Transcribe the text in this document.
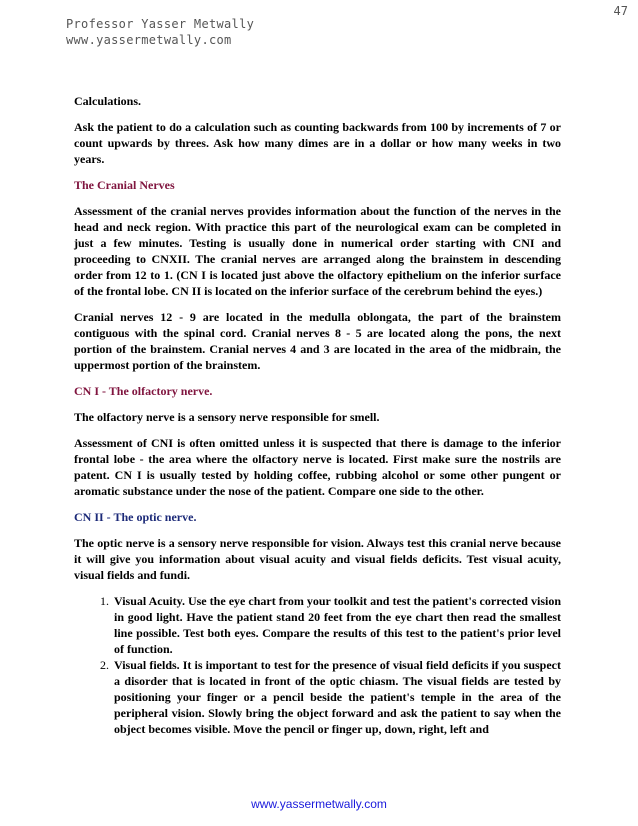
47
Professor Yasser Metwally
www.yassermetwally.com

Calculations.

Ask the patient to do a calculation such as counting backwards from 100 by increments of 7 or count upwards by threes. Ask how many dimes are in a dollar or how many weeks in two years.

The Cranial Nerves

Assessment of the cranial nerves provides information about the function of the nerves in the head and neck region. With practice this part of the neurological exam can be completed in just a few minutes. Testing is usually done in numerical order starting with CNI and proceeding to CNXII. The cranial nerves are arranged along the brainstem in descending order from 12 to 1. (CN I is located just above the olfactory epithelium on the inferior surface of the frontal lobe. CN II is located on the inferior surface of the cerebrum behind the eyes.)

Cranial nerves 12 - 9 are located in the medulla oblongata, the part of the brainstem contiguous with the spinal cord. Cranial nerves 8 - 5 are located along the pons, the next portion of the brainstem. Cranial nerves 4 and 3 are located in the area of the midbrain, the uppermost portion of the brainstem.

CN I - The olfactory nerve.

The olfactory nerve is a sensory nerve responsible for smell.

Assessment of CNI is often omitted unless it is suspected that there is damage to the inferior frontal lobe - the area where the olfactory nerve is located. First make sure the nostrils are patent. CN I is usually tested by holding coffee, rubbing alcohol or some other pungent or aromatic substance under the nose of the patient. Compare one side to the other.

CN II - The optic nerve.

The optic nerve is a sensory nerve responsible for vision. Always test this cranial nerve because it will give you information about visual acuity and visual fields deficits. Test visual acuity, visual fields and fundi.

1. Visual Acuity. Use the eye chart from your toolkit and test the patient's corrected vision in good light. Have the patient stand 20 feet from the eye chart then read the smallest line possible. Test both eyes. Compare the results of this test to the patient's prior level of function.
2. Visual fields. It is important to test for the presence of visual field deficits if you suspect a disorder that is located in front of the optic chiasm. The visual fields are tested by positioning your finger or a pencil beside the patient's temple in the area of the peripheral vision. Slowly bring the object forward and ask the patient to say when the object becomes visible. Move the pencil or finger up, down, right, left and
www.yassermetwally.com
